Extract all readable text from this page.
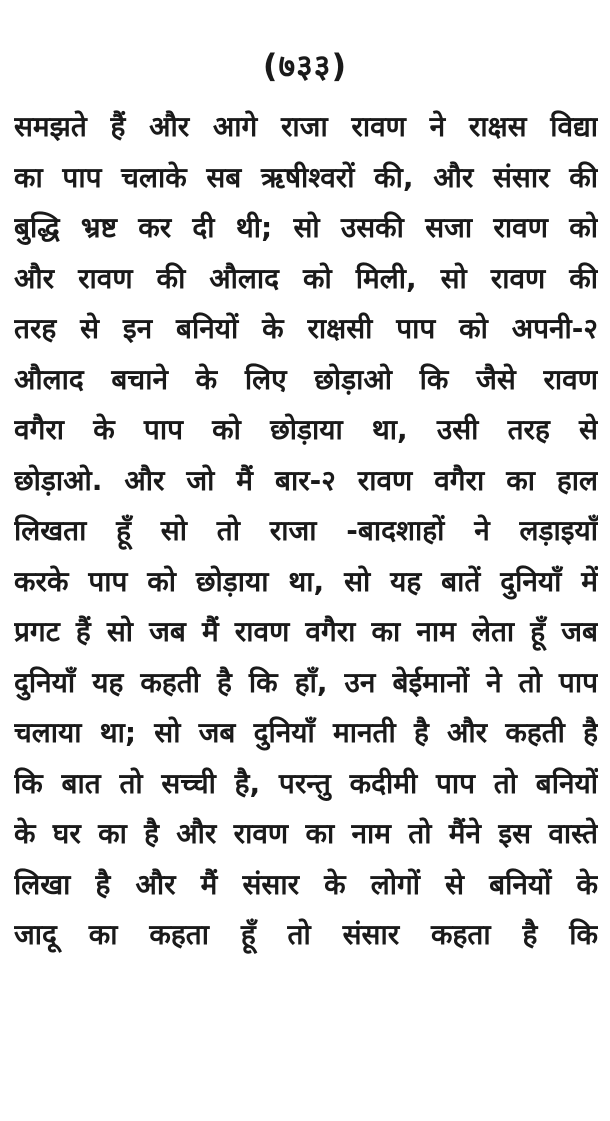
(७३३)
समझते हैं और आगे राजा रावण ने राक्षस विद्या
का पाप चलाके सब ऋषीश्वरों की, और संसार की
बुद्धि भ्रष्ट कर दी थी; सो उसकी सजा रावण को
और रावण की औलाद को मिली, सो रावण की
तरह से इन बनियों के राक्षसी पाप को अपनी-२
औलाद बचाने के लिए छोड़ाओ कि जैसे रावण
वगैरा के पाप को छोड़ाया था, उसी तरह से
छोड़ाओ. और जो मैं बार-२ रावण वगैरा का हाल
लिखता हूँ सो तो राजा -बादशाहों ने लड़ाइयाँ
करके पाप को छोड़ाया था, सो यह बातें दुनियाँ में
प्रगट हैं सो जब मैं रावण वगैरा का नाम लेता हूँ जब
दुनियाँ यह कहती है कि हाँ, उन बेईमानों ने तो पाप
चलाया था; सो जब दुनियाँ मानती है और कहती है
कि बात तो सच्ची है, परन्तु कदीमी पाप तो बनियों
के घर का है और रावण का नाम तो मैंने इस वास्ते
लिखा है और मैं संसार के लोगों से बनियों के
जादू का कहता हूँ तो संसार कहता है कि
